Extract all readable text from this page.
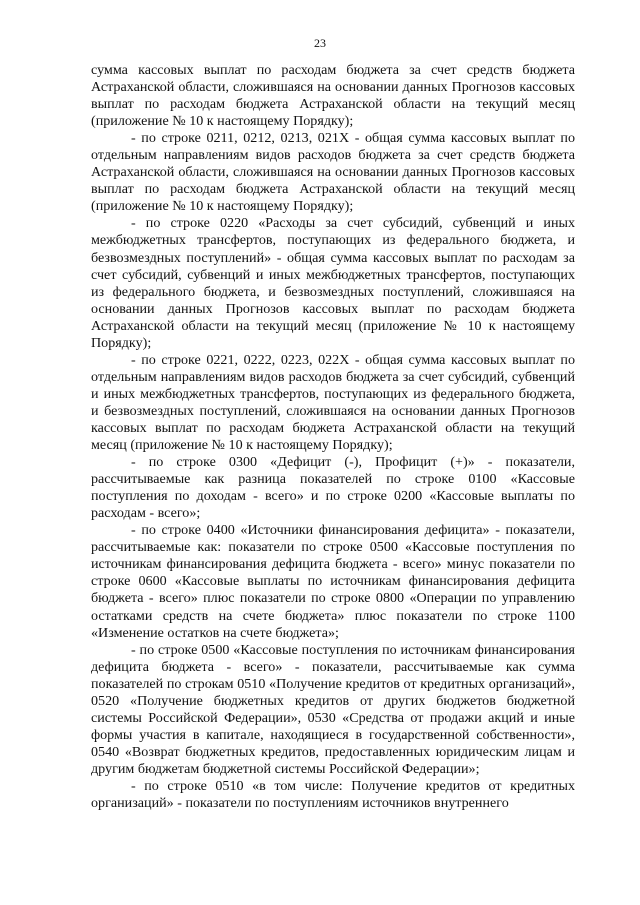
23

сумма кассовых выплат по расходам бюджета за счет средств бюджета Астраханской области, сложившаяся на основании данных Прогнозов кассовых выплат по расходам бюджета Астраханской области на текущий месяц (приложение № 10 к настоящему Порядку);

- по строке 0211, 0212, 0213, 021X - общая сумма кассовых выплат по отдельным направлениям видов расходов бюджета за счет средств бюджета Астраханской области, сложившаяся на основании данных Прогнозов кассовых выплат по расходам бюджета Астраханской области на текущий месяц (приложение № 10 к настоящему Порядку);

- по строке 0220 «Расходы за счет субсидий, субвенций и иных межбюджетных трансфертов, поступающих из федерального бюджета, и безвозмездных поступлений» - общая сумма кассовых выплат по расходам за счет субсидий, субвенций и иных межбюджетных трансфертов, поступающих из федерального бюджета, и безвозмездных поступлений, сложившаяся на основании данных Прогнозов кассовых выплат по расходам бюджета Астраханской области на текущий месяц (приложение № 10 к настоящему Порядку);

- по строке 0221, 0222, 0223, 022X - общая сумма кассовых выплат по отдельным направлениям видов расходов бюджета за счет субсидий, субвенций и иных межбюджетных трансфертов, поступающих из федерального бюджета, и безвозмездных поступлений, сложившаяся на основании данных Прогнозов кассовых выплат по расходам бюджета Астраханской области на текущий месяц (приложение № 10 к настоящему Порядку);

- по строке 0300 «Дефицит (-), Профицит (+)» - показатели, рассчитываемые как разница показателей по строке 0100 «Кассовые поступления по доходам - всего» и по строке 0200 «Кассовые выплаты по расходам - всего»;

- по строке 0400 «Источники финансирования дефицита» - показатели, рассчитываемые как: показатели по строке 0500 «Кассовые поступления по источникам финансирования дефицита бюджета - всего» минус показатели по строке 0600 «Кассовые выплаты по источникам финансирования дефицита бюджета - всего» плюс показатели по строке 0800 «Операции по управлению остатками средств на счете бюджета» плюс показатели по строке 1100 «Изменение остатков на счете бюджета»;

- по строке 0500 «Кассовые поступления по источникам финансирования дефицита бюджета - всего» - показатели, рассчитываемые как сумма показателей по строкам 0510 «Получение кредитов от кредитных организаций», 0520 «Получение бюджетных кредитов от других бюджетов бюджетной системы Российской Федерации», 0530 «Средства от продажи акций и иные формы участия в капитале, находящиеся в государственной собственности», 0540 «Возврат бюджетных кредитов, предоставленных юридическим лицам и другим бюджетам бюджетной системы Российской Федерации»;

- по строке 0510 «в том числе: Получение кредитов от кредитных организаций» - показатели по поступлениям источников внутреннего
